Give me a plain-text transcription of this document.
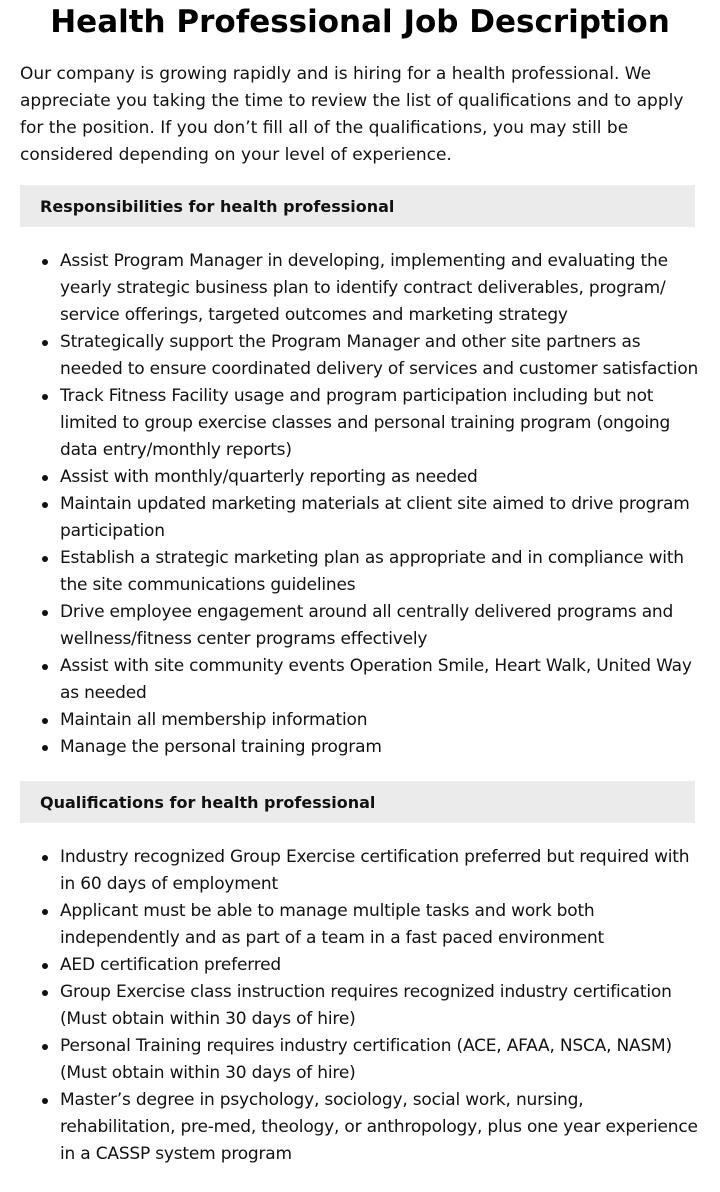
Health Professional Job Description

Our company is growing rapidly and is hiring for a health professional. We appreciate you taking the time to review the list of qualifications and to apply for the position. If you don’t fill all of the qualifications, you may still be considered depending on your level of experience.

Responsibilities for health professional
Assist Program Manager in developing, implementing and evaluating the yearly strategic business plan to identify contract deliverables, program/ service offerings, targeted outcomes and marketing strategy
Strategically support the Program Manager and other site partners as needed to ensure coordinated delivery of services and customer satisfaction
Track Fitness Facility usage and program participation including but not limited to group exercise classes and personal training program (ongoing data entry/monthly reports)
Assist with monthly/quarterly reporting as needed
Maintain updated marketing materials at client site aimed to drive program participation
Establish a strategic marketing plan as appropriate and in compliance with the site communications guidelines
Drive employee engagement around all centrally delivered programs and wellness/fitness center programs effectively
Assist with site community events Operation Smile, Heart Walk, United Way as needed
Maintain all membership information
Manage the personal training program
Qualifications for health professional
Industry recognized Group Exercise certification preferred but required with in 60 days of employment
Applicant must be able to manage multiple tasks and work both independently and as part of a team in a fast paced environment
AED certification preferred
Group Exercise class instruction requires recognized industry certification (Must obtain within 30 days of hire)
Personal Training requires industry certification (ACE, AFAA, NSCA, NASM) (Must obtain within 30 days of hire)
Master’s degree in psychology, sociology, social work, nursing, rehabilitation, pre-med, theology, or anthropology, plus one year experience in a CASSP system program
